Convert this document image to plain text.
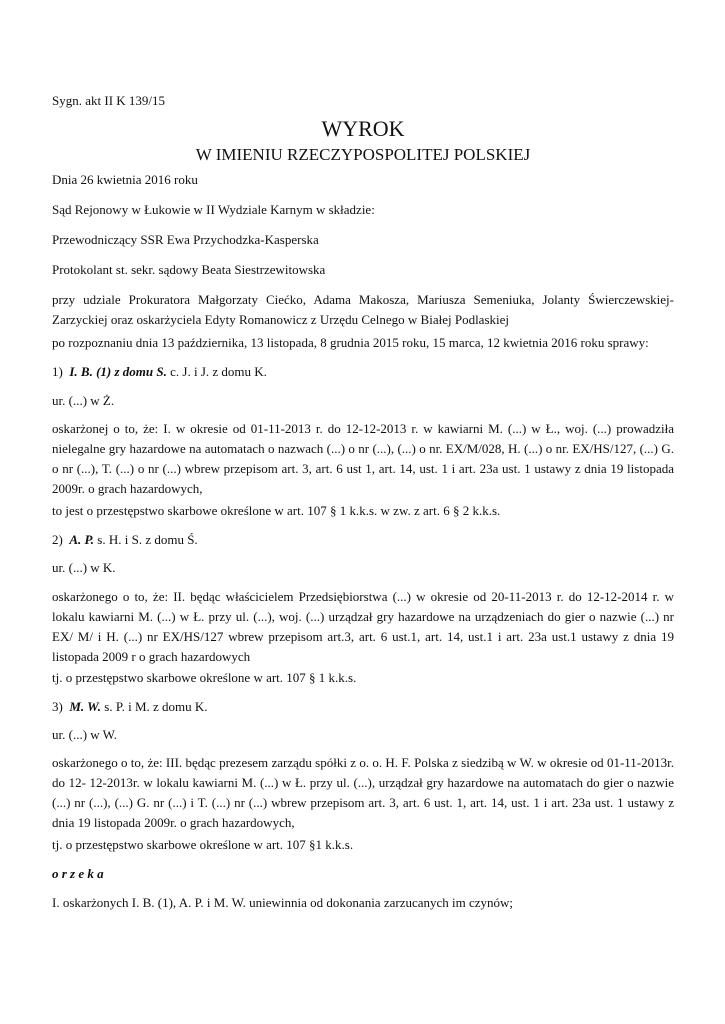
Sygn. akt II K 139/15

WYROK
W IMIENIU RZECZYPOSPOLITEJ POLSKIEJ

Dnia 26 kwietnia 2016 roku

Sąd Rejonowy w Łukowie w II Wydziale Karnym w składzie:

Przewodniczący SSR Ewa Przychodzka-Kasperska

Protokolant st. sekr. sądowy Beata Siestrzewitowska

przy udziale Prokuratora Małgorzaty Ciećko, Adama Makosza, Mariusza Semeniuka, Jolanty Świerczewskiej-Zarzyckiej oraz oskarżyciela Edyty Romanowicz z Urzędu Celnego w Białej Podlaskiej

po rozpoznaniu dnia 13 października, 13 listopada, 8 grudnia 2015 roku, 15 marca, 12 kwietnia 2016 roku sprawy:

1) I. B. (1) z domu S. c. J. i J. z domu K.

ur. (...) w Ż.

oskarżonej o to, że: I. w okresie od 01-11-2013 r. do 12-12-2013 r. w kawiarni M. (...) w Ł., woj. (...) prowadziła nielegalne gry hazardowe na automatach o nazwach (...) o nr (...), (...) o nr. EX/M/028, H. (...) o nr. EX/HS/127, (...) G. o nr (...), T. (...) o nr (...) wbrew przepisom art. 3, art. 6 ust 1, art. 14, ust. 1 i art. 23a ust. 1 ustawy z dnia 19 listopada 2009r. o grach hazardowych,

to jest o przestępstwo skarbowe określone w art. 107 § 1 k.k.s. w zw. z art. 6 § 2 k.k.s.

2) A. P. s. H. i S. z domu Ś.

ur. (...) w K.

oskarżonego o to, że: II. będąc właścicielem Przedsiębiorstwa (...) w okresie od 20-11-2013 r. do 12-12-2014 r. w lokalu kawiarni M. (...) w Ł. przy ul. (...), woj. (...) urządzał gry hazardowe na urządzeniach do gier o nazwie (...) nr EX/ M/ i H. (...) nr EX/HS/127 wbrew przepisom art.3, art. 6 ust.1, art. 14, ust.1 i art. 23a ust.1 ustawy z dnia 19 listopada 2009 r o grach hazardowych

tj. o przestępstwo skarbowe określone w art. 107 § 1 k.k.s.

3) M. W. s. P. i M. z domu K.

ur. (...) w W.

oskarżonego o to, że: III. będąc prezesem zarządu spółki z o. o. H. F. Polska z siedzibą w W. w okresie od 01-11-2013r. do 12- 12-2013r. w lokalu kawiarni M. (...) w Ł. przy ul. (...), urządzał gry hazardowe na automatach do gier o nazwie (...) nr (...), (...) G. nr (...) i T. (...) nr (...) wbrew przepisom art. 3, art. 6 ust. 1, art. 14, ust. 1 i art. 23a ust. 1 ustawy z dnia 19 listopada 2009r. o grach hazardowych,

tj. o przestępstwo skarbowe określone w art. 107 §1 k.k.s.

o r z e k a

I. oskarżonych I. B. (1), A. P. i M. W. uniewinnia od dokonania zarzucanych im czynów;
